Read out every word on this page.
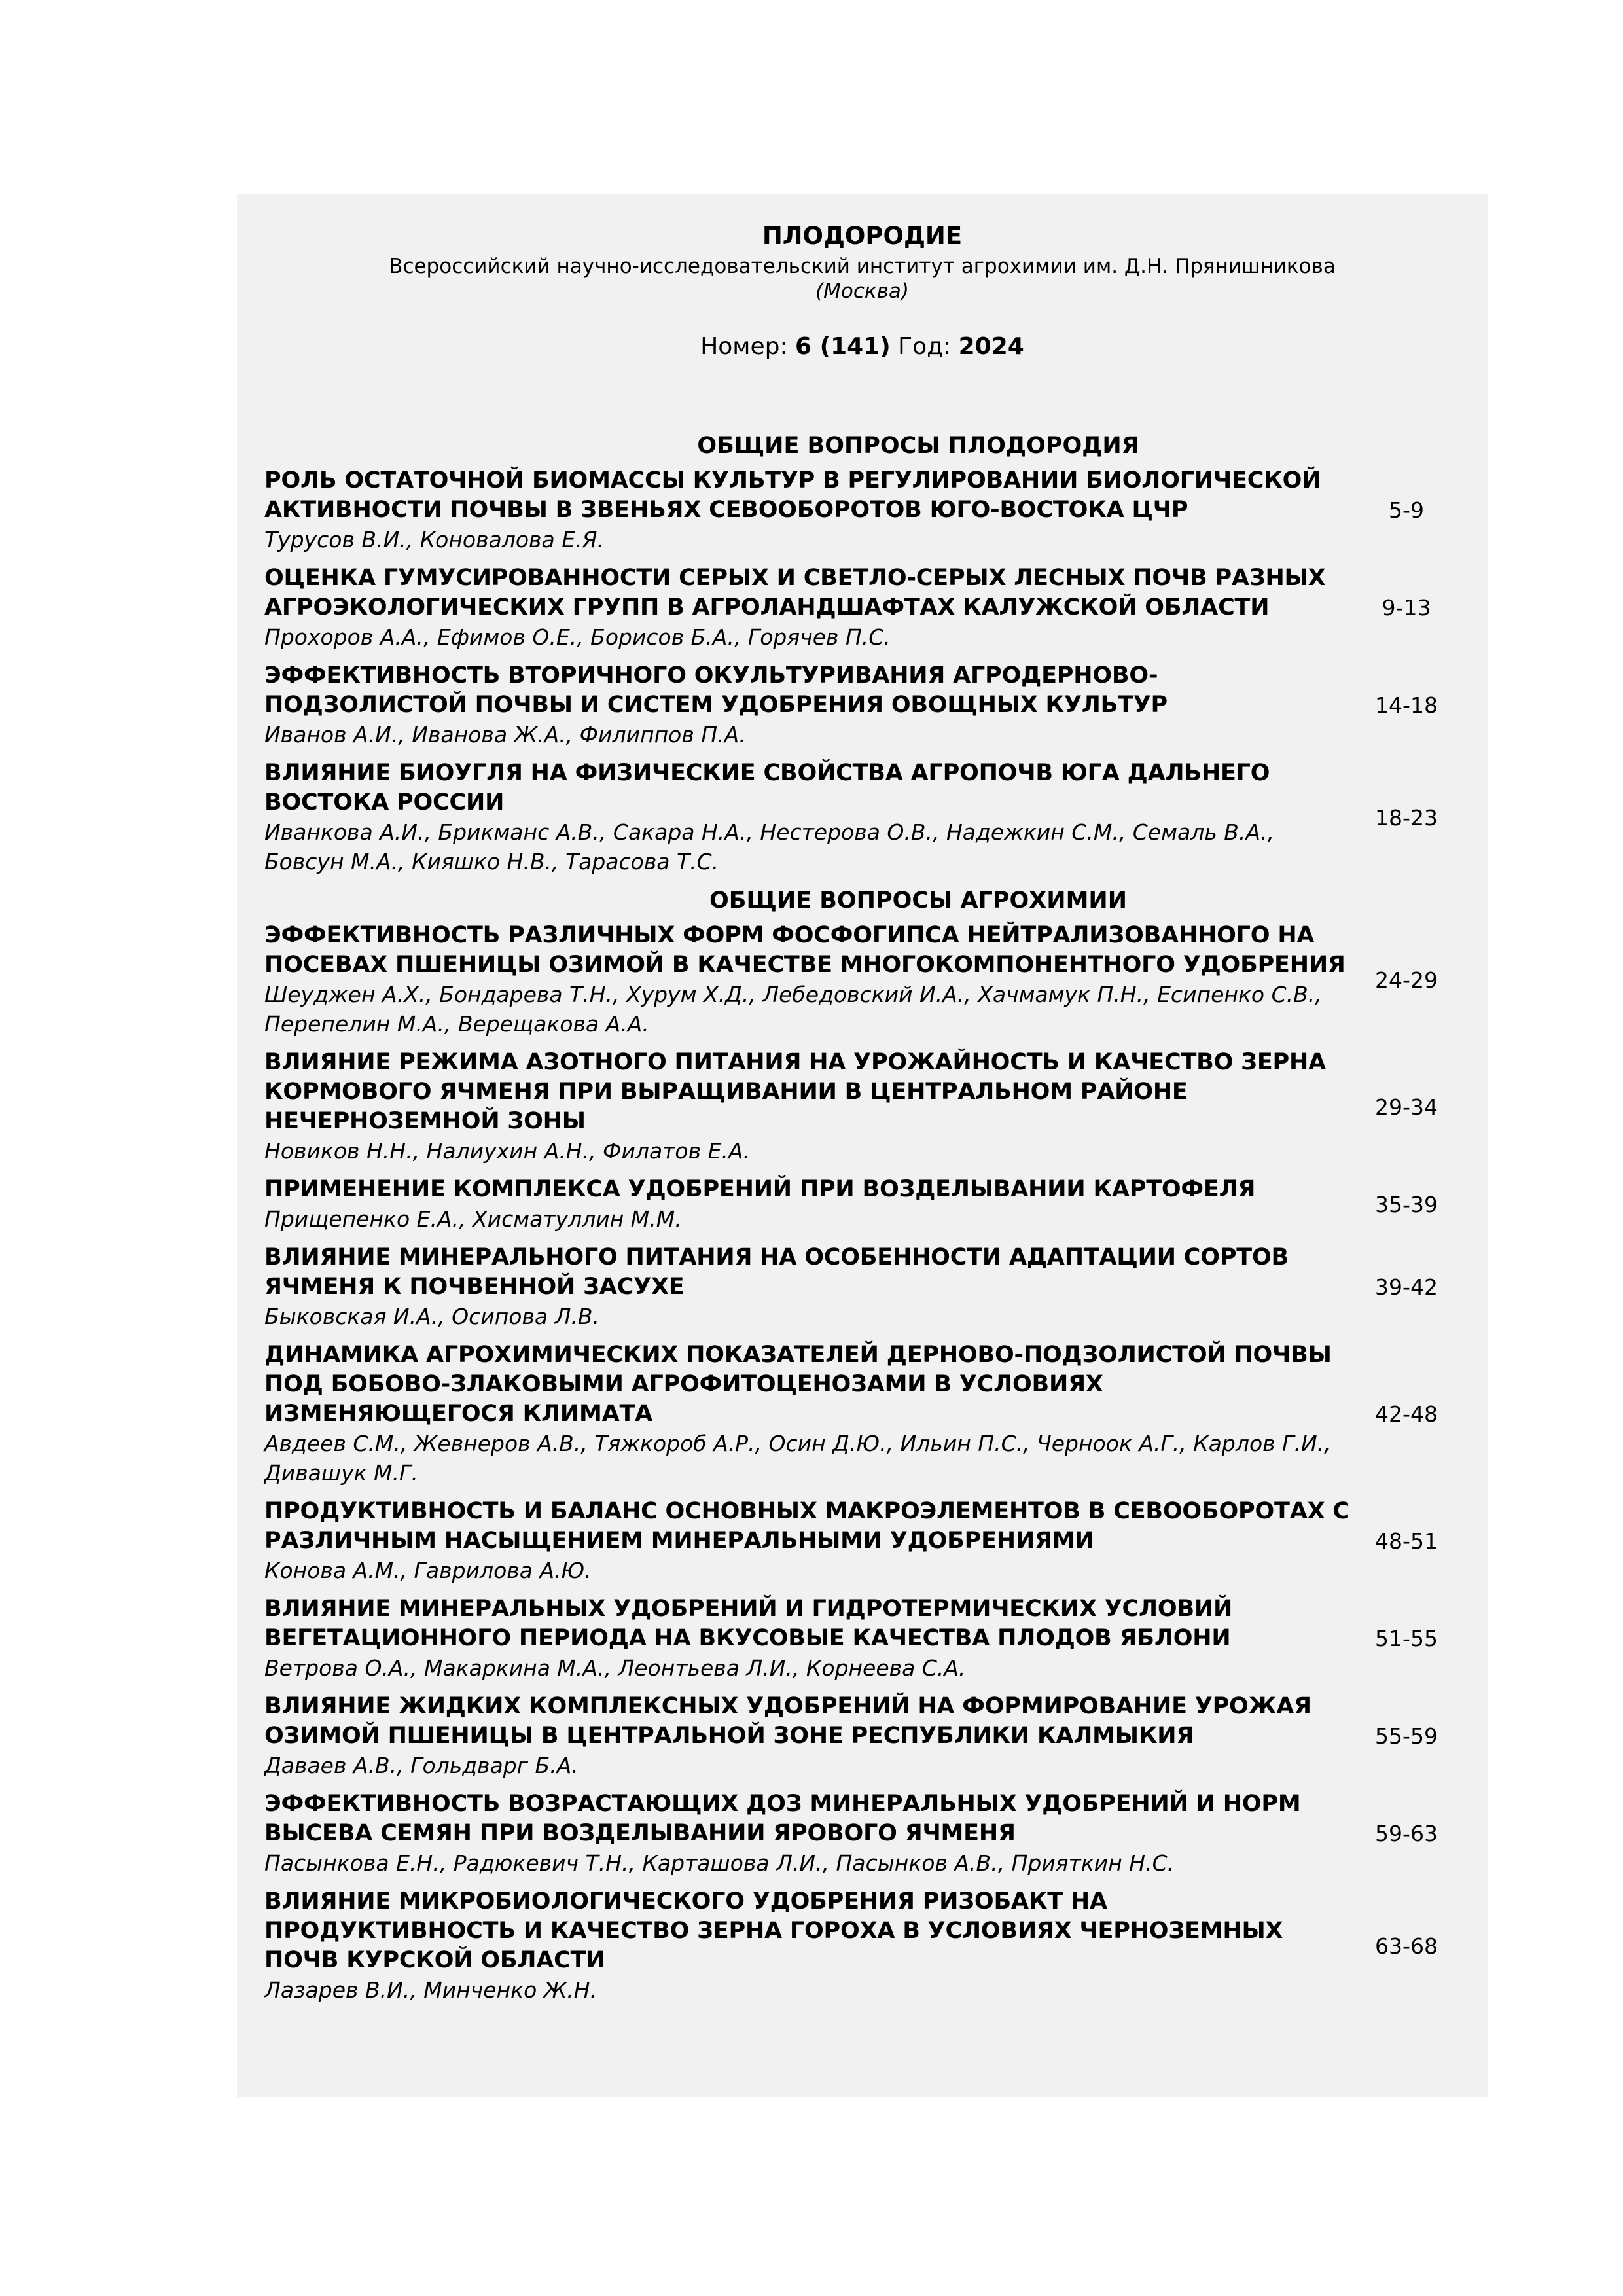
ПЛОДОРОДИЕ
Всероссийский научно-исследовательский институт агрохимии им. Д.Н. Прянишникова
(Москва)
Номер: 6 (141) Год: 2024
ОБЩИЕ ВОПРОСЫ ПЛОДОРОДИЯ
РОЛЬ ОСТАТОЧНОЙ БИОМАССЫ КУЛЬТУР В РЕГУЛИРОВАНИИ БИОЛОГИЧЕСКОЙ АКТИВНОСТИ ПОЧВЫ В ЗВЕНЬЯХ СЕВООБОРОТОВ ЮГО-ВОСТОКА ЦЧР
Турусов В.И., Коновалова Е.Я.
5-9
ОЦЕНКА ГУМУСИРОВАННОСТИ СЕРЫХ И СВЕТЛО-СЕРЫХ ЛЕСНЫХ ПОЧВ РАЗНЫХ АГРОЭКОЛОГИЧЕСКИХ ГРУПП В АГРОЛАНДШАФТАХ КАЛУЖСКОЙ ОБЛАСТИ
Прохоров А.А., Ефимов О.Е., Борисов Б.А., Горячев П.С.
9-13
ЭФФЕКТИВНОСТЬ ВТОРИЧНОГО ОКУЛЬТУРИВАНИЯ АГРОДЕРНОВО-ПОДЗОЛИСТОЙ ПОЧВЫ И СИСТЕМ УДОБРЕНИЯ ОВОЩНЫХ КУЛЬТУР
Иванов А.И., Иванова Ж.А., Филиппов П.А.
14-18
ВЛИЯНИЕ БИОУГЛЯ НА ФИЗИЧЕСКИЕ СВОЙСТВА АГРОПОЧВ ЮГА ДАЛЬНЕГО ВОСТОКА РОССИИ
Иванкова А.И., Брикманс А.В., Сакара Н.А., Нестерова О.В., Надежкин С.М., Семаль В.А., Бовсун М.А., Кияшко Н.В., Тарасова Т.С.
18-23
ОБЩИЕ ВОПРОСЫ АГРОХИМИИ
ЭФФЕКТИВНОСТЬ РАЗЛИЧНЫХ ФОРМ ФОСФОГИПСА НЕЙТРАЛИЗОВАННОГО НА ПОСЕВАХ ПШЕНИЦЫ ОЗИМОЙ В КАЧЕСТВЕ МНОГОКОМПОНЕНТНОГО УДОБРЕНИЯ
Шеуджен А.Х., Бондарева Т.Н., Хурум Х.Д., Лебедовский И.А., Хачмамук П.Н., Есипенко С.В., Перепелин М.А., Верещакова А.А.
24-29
ВЛИЯНИЕ РЕЖИМА АЗОТНОГО ПИТАНИЯ НА УРОЖАЙНОСТЬ И КАЧЕСТВО ЗЕРНА КОРМОВОГО ЯЧМЕНЯ ПРИ ВЫРАЩИВАНИИ В ЦЕНТРАЛЬНОМ РАЙОНЕ НЕЧЕРНОЗЕМНОЙ ЗОНЫ
Новиков Н.Н., Налиухин А.Н., Филатов Е.А.
29-34
ПРИМЕНЕНИЕ КОМПЛЕКСА УДОБРЕНИЙ ПРИ ВОЗДЕЛЫВАНИИ КАРТОФЕЛЯ
Прищепенко Е.А., Хисматуллин М.М.
35-39
ВЛИЯНИЕ МИНЕРАЛЬНОГО ПИТАНИЯ НА ОСОБЕННОСТИ АДАПТАЦИИ СОРТОВ ЯЧМЕНЯ К ПОЧВЕННОЙ ЗАСУХЕ
Быковская И.А., Осипова Л.В.
39-42
ДИНАМИКА АГРОХИМИЧЕСКИХ ПОКАЗАТЕЛЕЙ ДЕРНОВО-ПОДЗОЛИСТОЙ ПОЧВЫ ПОД БОБОВО-ЗЛАКОВЫМИ АГРОФИТОЦЕНОЗАМИ В УСЛОВИЯХ ИЗМЕНЯЮЩЕГОСЯ КЛИМАТА
Авдеев С.М., Жевнеров А.В., Тяжкороб А.Р., Осин Д.Ю., Ильин П.С., Черноок А.Г., Карлов Г.И., Дивашук М.Г.
42-48
ПРОДУКТИВНОСТЬ И БАЛАНС ОСНОВНЫХ МАКРОЭЛЕМЕНТОВ В СЕВООБОРОТАХ С РАЗЛИЧНЫМ НАСЫЩЕНИЕМ МИНЕРАЛЬНЫМИ УДОБРЕНИЯМИ
Конова А.М., Гаврилова А.Ю.
48-51
ВЛИЯНИЕ МИНЕРАЛЬНЫХ УДОБРЕНИЙ И ГИДРОТЕРМИЧЕСКИХ УСЛОВИЙ ВЕГЕТАЦИОННОГО ПЕРИОДА НА ВКУСОВЫЕ КАЧЕСТВА ПЛОДОВ ЯБЛОНИ
Ветрова О.А., Макаркина М.А., Леонтьева Л.И., Корнеева С.А.
51-55
ВЛИЯНИЕ ЖИДКИХ КОМПЛЕКСНЫХ УДОБРЕНИЙ НА ФОРМИРОВАНИЕ УРОЖАЯ ОЗИМОЙ ПШЕНИЦЫ В ЦЕНТРАЛЬНОЙ ЗОНЕ РЕСПУБЛИКИ КАЛМЫКИЯ
Даваев А.В., Гольдварг Б.А.
55-59
ЭФФЕКТИВНОСТЬ ВОЗРАСТАЮЩИХ ДОЗ МИНЕРАЛЬНЫХ УДОБРЕНИЙ И НОРМ ВЫСЕВА СЕМЯН ПРИ ВОЗДЕЛЫВАНИИ ЯРОВОГО ЯЧМЕНЯ
Пасынкова Е.Н., Радюкевич Т.Н., Карташова Л.И., Пасынков А.В., Прияткин Н.С.
59-63
ВЛИЯНИЕ МИКРОБИОЛОГИЧЕСКОГО УДОБРЕНИЯ РИЗОБАКТ НА ПРОДУКТИВНОСТЬ И КАЧЕСТВО ЗЕРНА ГОРОХА В УСЛОВИЯХ ЧЕРНОЗЕМНЫХ ПОЧВ КУРСКОЙ ОБЛАСТИ
Лазарев В.И., Минченко Ж.Н.
63-68
